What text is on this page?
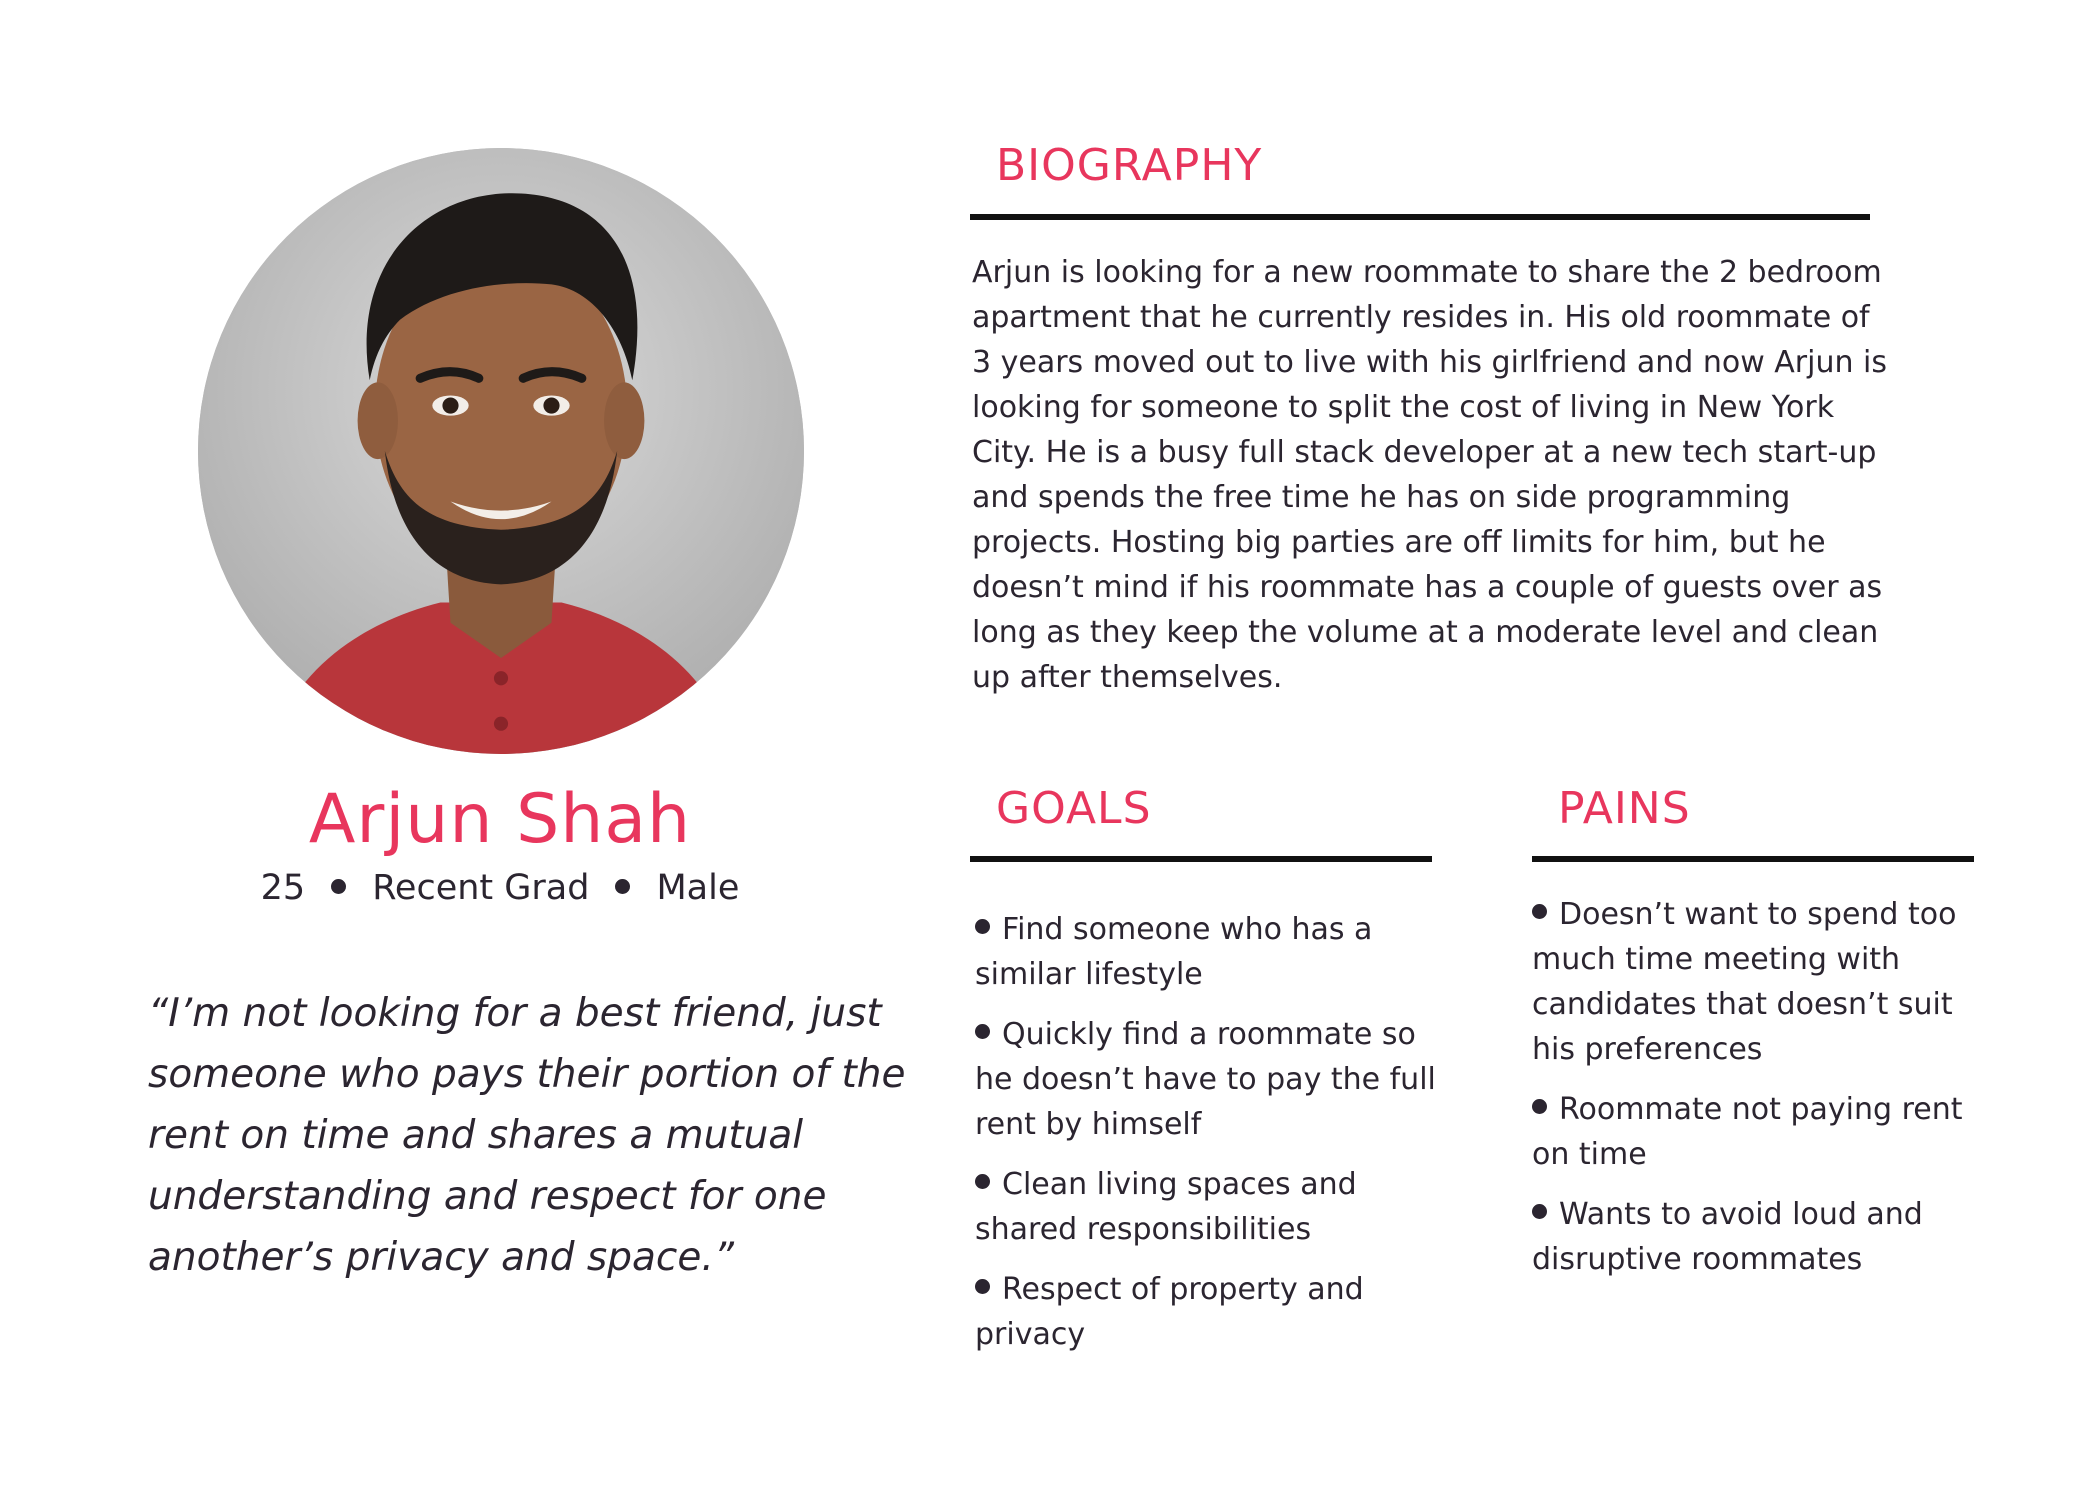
Arjun Shah
25 Recent Grad Male
“I’m not looking for a best friend, just someone who pays their portion of the rent on time and shares a mutual understanding and respect for one another’s privacy and space.”
BIOGRAPHY
Arjun is looking for a new roommate to share the 2 bedroom apartment that he currently resides in. His old roommate of 3 years moved out to live with his girlfriend and now Arjun is looking for someone to split the cost of living in New York City. He is a busy full stack developer at a new tech start-up and spends the free time he has on side programming projects. Hosting big parties are off limits for him, but he doesn’t mind if his roommate has a couple of guests over as long as they keep the volume at a moderate level and clean up after themselves.
GOALS
Find someone who has a similar lifestyle
Quickly find a roommate so he doesn’t have to pay the full rent by himself
Clean living spaces and shared responsibilities
Respect of property and privacy
PAINS
Doesn’t want to spend too much time meeting with candidates that doesn’t suit his preferences
Roommate not paying rent on time
Wants to avoid loud and disruptive roommates
